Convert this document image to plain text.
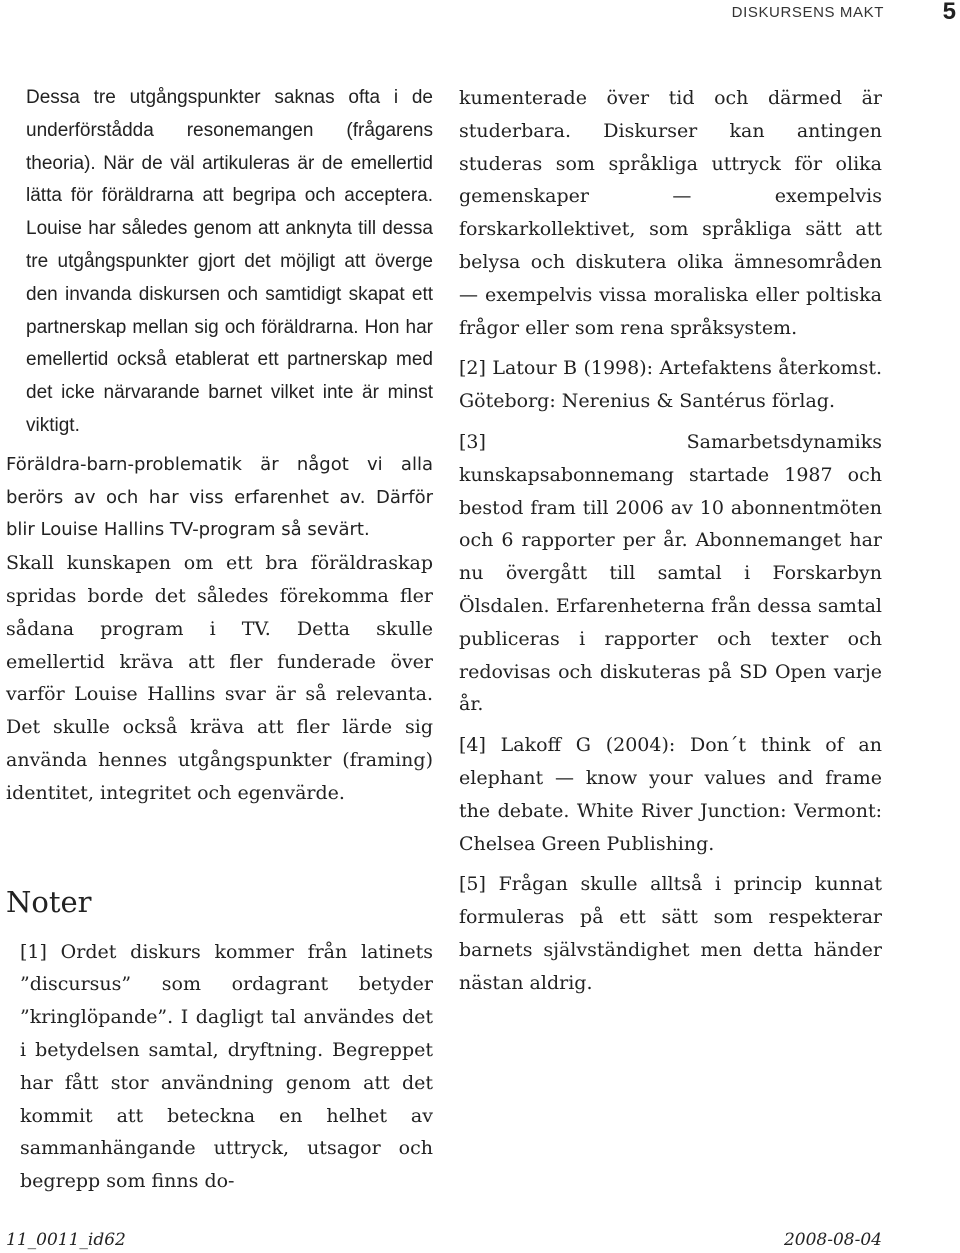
DISKURSENS MAKT 5

Dessa tre utgångspunkter saknas ofta i de underförstådda resonemangen (frågarens theoria). När de väl artikuleras är de emellertid lätta för föräldrarna att begripa och acceptera. Louise har således genom att anknyta till dessa tre utgångspunkter gjort det möjligt att överge den invanda diskursen och samtidigt skapat ett partnerskap mellan sig och föräldrarna. Hon har emellertid också etablerat ett partnerskap med det icke närvarande barnet vilket inte är minst viktigt.

Föräldra-barn-problematik är något vi alla berörs av och har viss erfarenhet av. Därför blir Louise Hallins TV-program så sevärt.

Skall kunskapen om ett bra föräldraskap spridas borde det således förekomma fler sådana program i TV. Detta skulle emellertid kräva att fler funderade över varför Louise Hallins svar är så relevanta. Det skulle också kräva att fler lärde sig använda hennes utgångspunkter (framing) identitet, integritet och egenvärde.

Noter

[1] Ordet diskurs kommer från latinets ”discursus” som ordagrant betyder ”kringlöpande”. I dagligt tal användes det i betydelsen samtal, dryftning. Begreppet har fått stor användning genom att det kommit att beteckna en helhet av sammanhängande uttryck, utsagor och begrepp som finns do-

kumenterade över tid och därmed är studerbara. Diskurser kan antingen studeras som språkliga uttryck för olika gemenskaper — exempelvis forskarkollektivet, som språkliga sätt att belysa och diskutera olika ämnesområden — exempelvis vissa moraliska eller poltiska frågor eller som rena språksystem.

[2] Latour B (1998): Artefaktens återkomst. Göteborg: Nerenius & Santérus förlag.

[3] Samarbetsdynamiks kunskapsabonnemang startade 1987 och bestod fram till 2006 av 10 abonnentmöten och 6 rapporter per år. Abonnemanget har nu övergått till samtal i Forskarbyn Ölsdalen. Erfarenheterna från dessa samtal publiceras i rapporter och texter och redovisas och diskuteras på SD Open varje år.

[4] Lakoff G (2004): Don´t think of an elephant — know your values and frame the debate. White River Junction: Vermont: Chelsea Green Publishing.

[5] Frågan skulle alltså i princip kunnat formuleras på ett sätt som respekterar barnets självständighet men detta händer nästan aldrig.

11_0011_id62	2008-08-04
